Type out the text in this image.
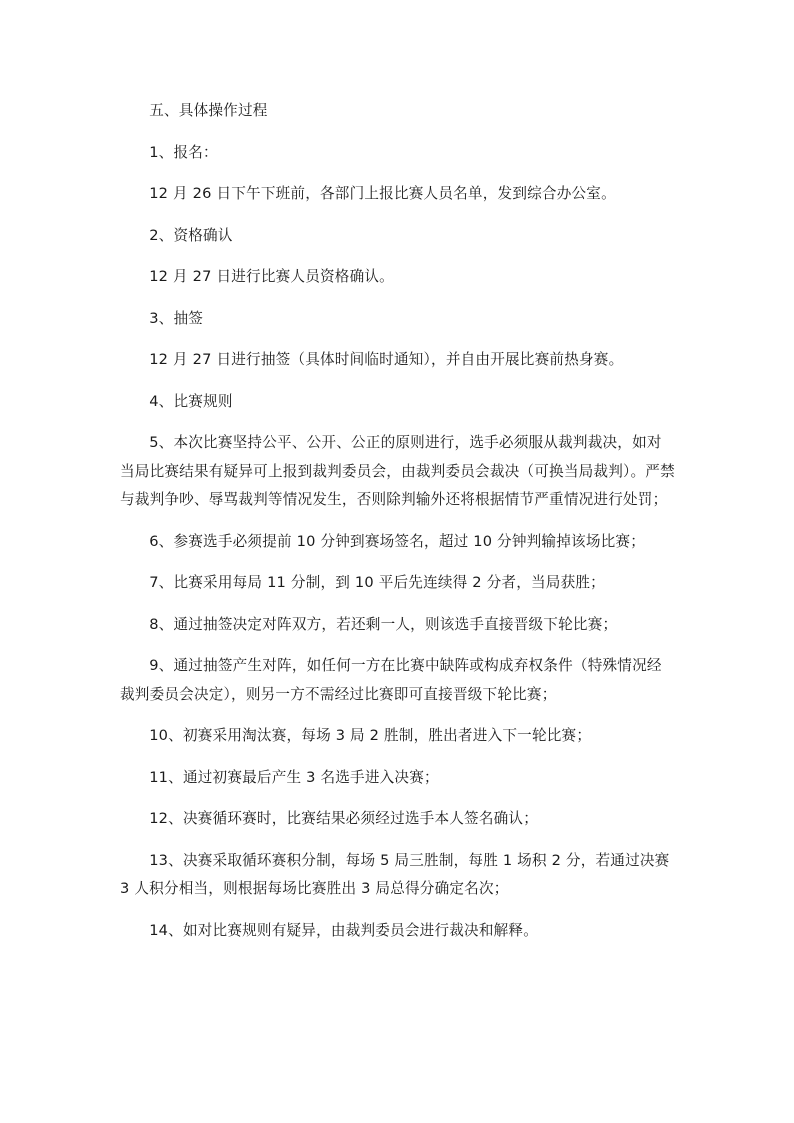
五、具体操作过程

1、报名：

12 月 26 日下午下班前，各部门上报比赛人员名单，发到综合办公室。

2、资格确认

12 月 27 日进行比赛人员资格确认。

3、抽签

12 月 27 日进行抽签（具体时间临时通知），并自由开展比赛前热身赛。

4、比赛规则

5、本次比赛坚持公平、公开、公正的原则进行，选手必须服从裁判裁决，如对当局比赛结果有疑异可上报到裁判委员会，由裁判委员会裁决（可换当局裁判）。严禁与裁判争吵、辱骂裁判等情况发生，否则除判输外还将根据情节严重情况进行处罚；

6、参赛选手必须提前 10 分钟到赛场签名，超过 10 分钟判输掉该场比赛；

7、比赛采用每局 11 分制，到 10 平后先连续得 2 分者，当局获胜；

8、通过抽签决定对阵双方，若还剩一人，则该选手直接晋级下轮比赛；

9、通过抽签产生对阵，如任何一方在比赛中缺阵或构成弃权条件（特殊情况经裁判委员会决定），则另一方不需经过比赛即可直接晋级下轮比赛；

10、初赛采用淘汰赛，每场 3 局 2 胜制，胜出者进入下一轮比赛；

11、通过初赛最后产生 3 名选手进入决赛；

12、决赛循环赛时，比赛结果必须经过选手本人签名确认；

13、决赛采取循环赛积分制，每场 5 局三胜制，每胜 1 场积 2 分，若通过决赛 3 人积分相当，则根据每场比赛胜出 3 局总得分确定名次；

14、如对比赛规则有疑异，由裁判委员会进行裁决和解释。
